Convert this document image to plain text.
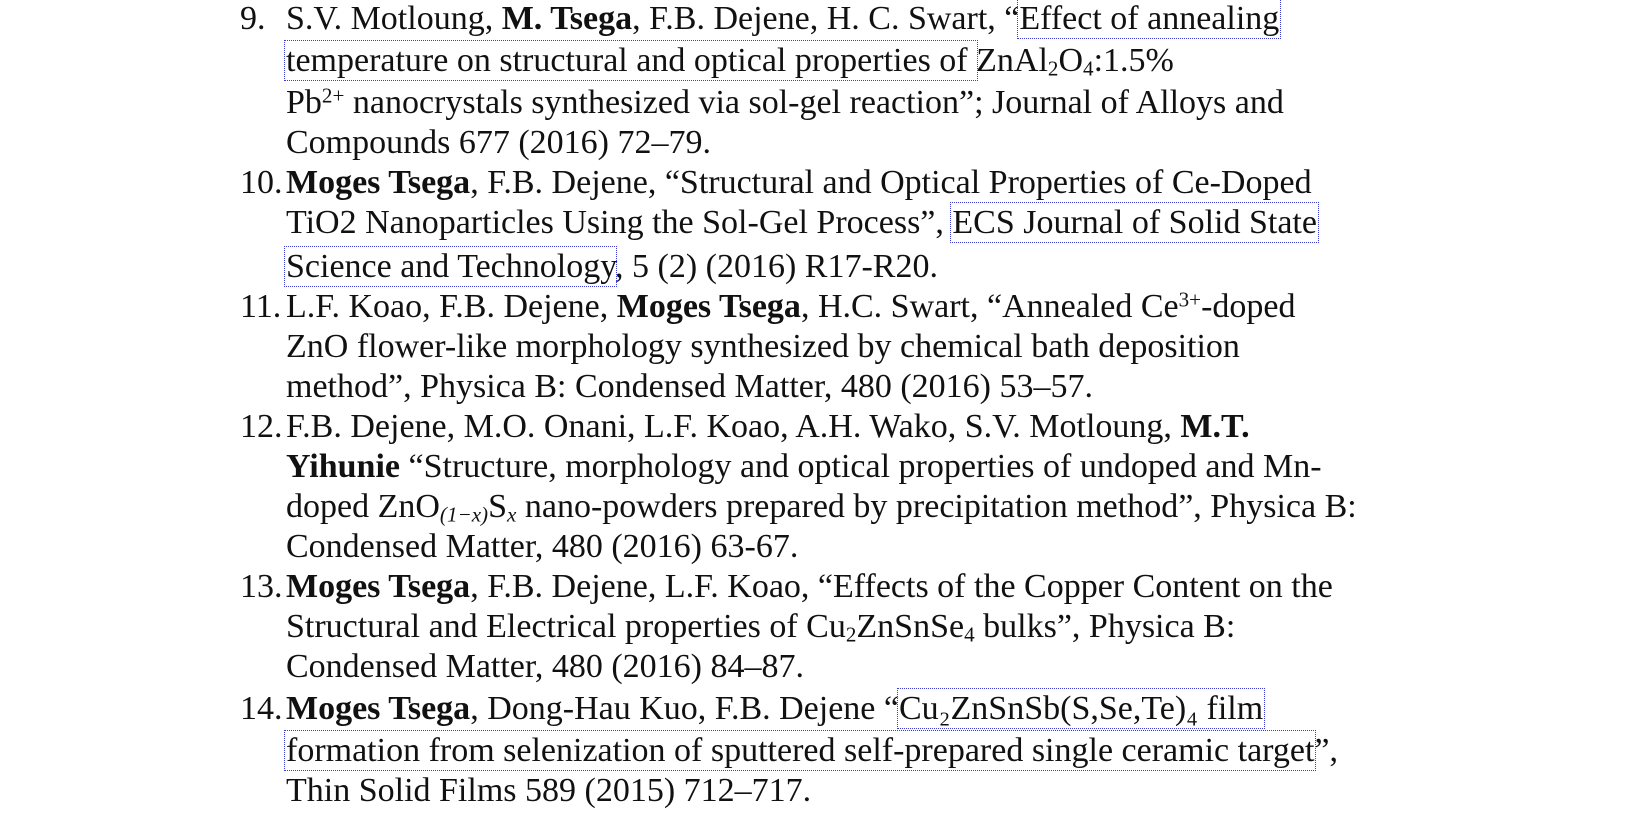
9. S.V. Motloung, M. Tsega, F.B. Dejene, H. C. Swart, “Effect of annealing
temperature on structural and optical properties of $ZnAl_2O_4:1.5\%$
$Pb^{2+}$ nanocrystals synthesized via sol-gel reaction”; Journal of Alloys and
Compounds 677 (2016) 72–79.
10. Moges Tsega, F.B. Dejene, “Structural and Optical Properties of Ce-Doped
TiO2 Nanoparticles Using the Sol-Gel Process”, ECS Journal of Solid State
Science and Technology, 5 (2) (2016) R17-R20.
11. L.F. Koao, F.B. Dejene, Moges Tsega, H.C. Swart, “Annealed $Ce^{3+}$-doped
ZnO flower-like morphology synthesized by chemical bath deposition
method”, Physica B: Condensed Matter, 480 (2016) 53–57.
12. F.B. Dejene, M.O. Onani, L.F. Koao, A.H. Wako, S.V. Motloung, M.T.
Yihunie “Structure, morphology and optical properties of undoped and Mn-
doped $ZnO_{(1-x)}S_x$ nano-powders prepared by precipitation method”, Physica B:
Condensed Matter, 480 (2016) 63-67.
13. Moges Tsega, F.B. Dejene, L.F. Koao, “Effects of the Copper Content on the
Structural and Electrical properties of $Cu_2ZnSnSe_4$ bulks”, Physica B:
Condensed Matter, 480 (2016) 84–87.
14. Moges Tsega, Dong-Hau Kuo, F.B. Dejene “Cu₂ZnSnSb(S,Se,Te)₄ film
formation from selenization of sputtered self-prepared single ceramic target”,
Thin Solid Films 589 (2015) 712–717.
